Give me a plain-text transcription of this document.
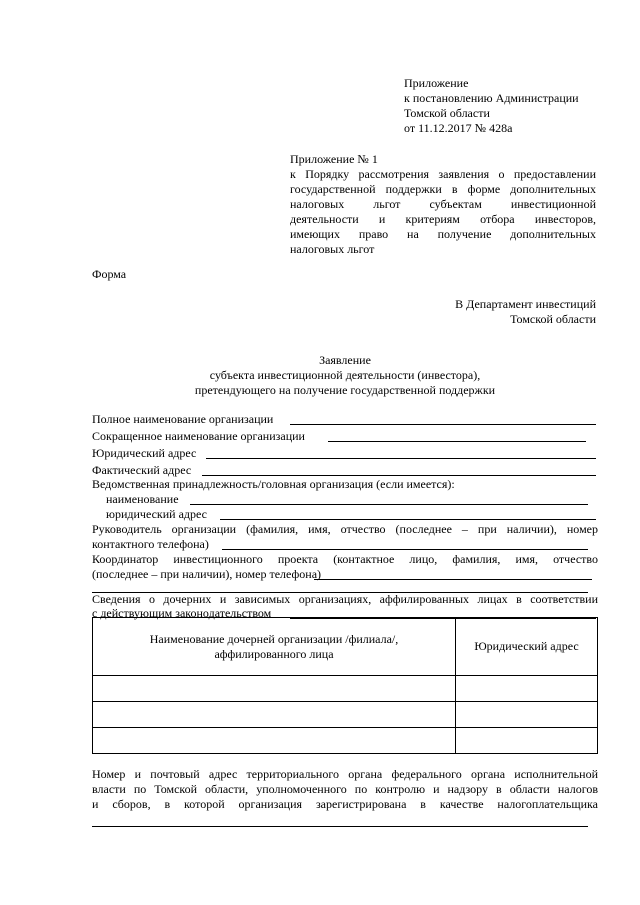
Приложение

к постановлению Администрации

Томской области

от 11.12.2017 № 428а

Приложение № 1

к Порядку рассмотрения заявления о предоставлении

государственной поддержки в форме дополнительных

налоговых льгот субъектам инвестиционной

деятельности и критериям отбора инвесторов,

имеющих право на получение дополнительных

налоговых льгот

Форма

В Департамент инвестиций

Томской области

Заявление

субъекта инвестиционной деятельности (инвестора),

претендующего на получение государственной поддержки

Полное наименование организации
Сокращенное наименование организации
Юридический адрес
Фактический адрес
Ведомственная принадлежность/головная организация (если имеется):
наименование
юридический адрес
Руководитель организации (фамилия, имя, отчество (последнее – при наличии), номер
контактного телефона)
Координатор инвестиционного проекта (контактное лицо, фамилия, имя, отчество
(последнее – при наличии), номер телефона)
Сведения о дочерних и зависимых организациях, аффилированных лицах в соответствии
с действующим законодательством
Наименование дочерней организации /филиала/,
аффилированного лица	Юридический адрес

Номер и почтовый адрес территориального органа федерального органа исполнительной

власти по Томской области, уполномоченного по контролю и надзору в области налогов

и сборов, в которой организация зарегистрирована в качестве налогоплательщика
